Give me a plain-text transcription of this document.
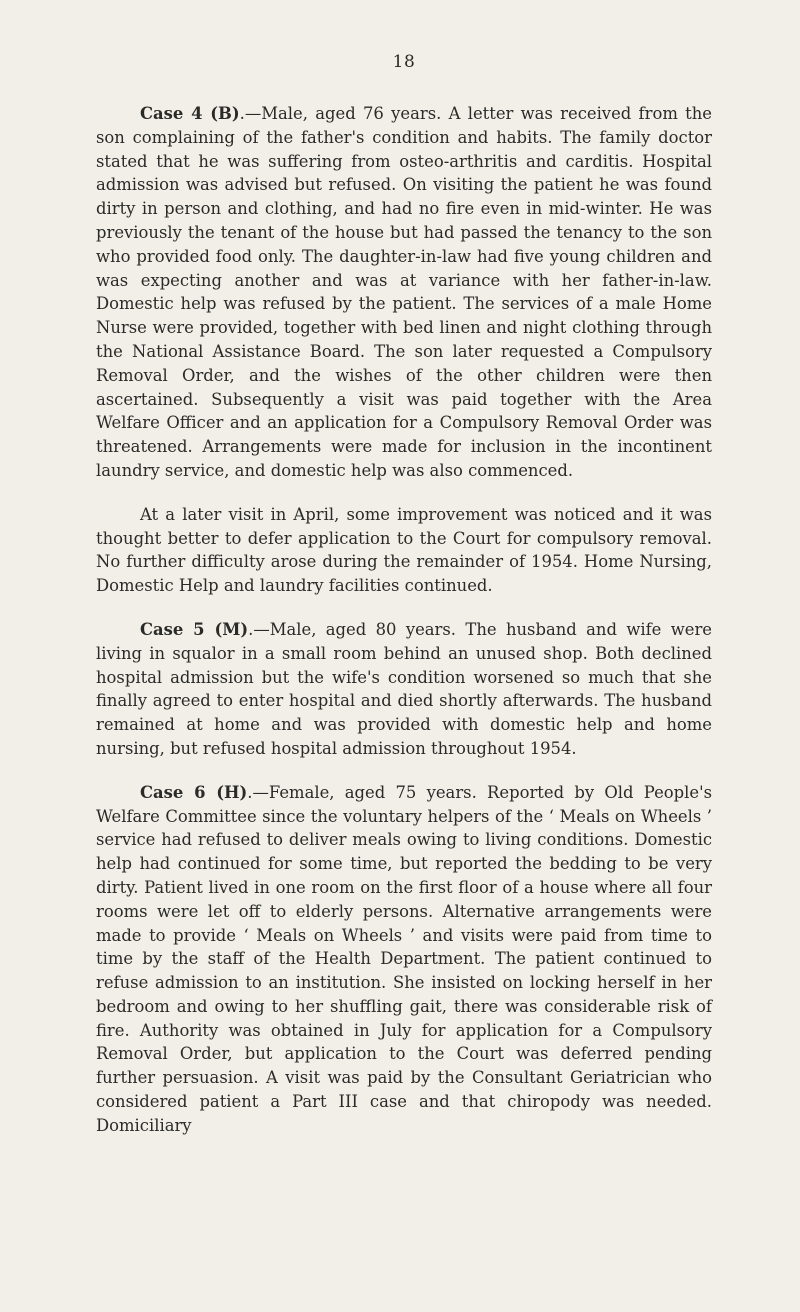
18

Case 4 (B).—Male, aged 76 years. A letter was received from the son complaining of the father's condition and habits. The family doctor stated that he was suffering from osteo-arthritis and carditis. Hospital admission was advised but refused. On visiting the patient he was found dirty in person and clothing, and had no fire even in mid-winter. He was previously the tenant of the house but had passed the tenancy to the son who provided food only. The daughter-in-law had five young children and was expecting another and was at variance with her father-in-law. Domestic help was refused by the patient. The services of a male Home Nurse were provided, together with bed linen and night clothing through the National Assistance Board. The son later requested a Compulsory Removal Order, and the wishes of the other children were then ascertained. Subsequently a visit was paid together with the Area Welfare Officer and an application for a Compulsory Removal Order was threatened. Arrangements were made for inclusion in the incontinent laundry service, and domestic help was also commenced.

At a later visit in April, some improvement was noticed and it was thought better to defer application to the Court for compulsory removal. No further difficulty arose during the remainder of 1954. Home Nursing, Domestic Help and laundry facilities continued.

Case 5 (M).—Male, aged 80 years. The husband and wife were living in squalor in a small room behind an unused shop. Both declined hospital admission but the wife's condition worsened so much that she finally agreed to enter hospital and died shortly afterwards. The husband remained at home and was provided with domestic help and home nursing, but refused hospital admission throughout 1954.

Case 6 (H).—Female, aged 75 years. Reported by Old People's Welfare Committee since the voluntary helpers of the ‘ Meals on Wheels ’ service had refused to deliver meals owing to living conditions. Domestic help had continued for some time, but reported the bedding to be very dirty. Patient lived in one room on the first floor of a house where all four rooms were let off to elderly persons. Alternative arrangements were made to provide ‘ Meals on Wheels ’ and visits were paid from time to time by the staff of the Health Department. The patient continued to refuse admission to an institution. She insisted on locking herself in her bedroom and owing to her shuffling gait, there was considerable risk of fire. Authority was obtained in July for application for a Compulsory Removal Order, but application to the Court was deferred pending further persuasion. A visit was paid by the Consultant Geriatrician who considered patient a Part III case and that chiropody was needed. Domiciliary
